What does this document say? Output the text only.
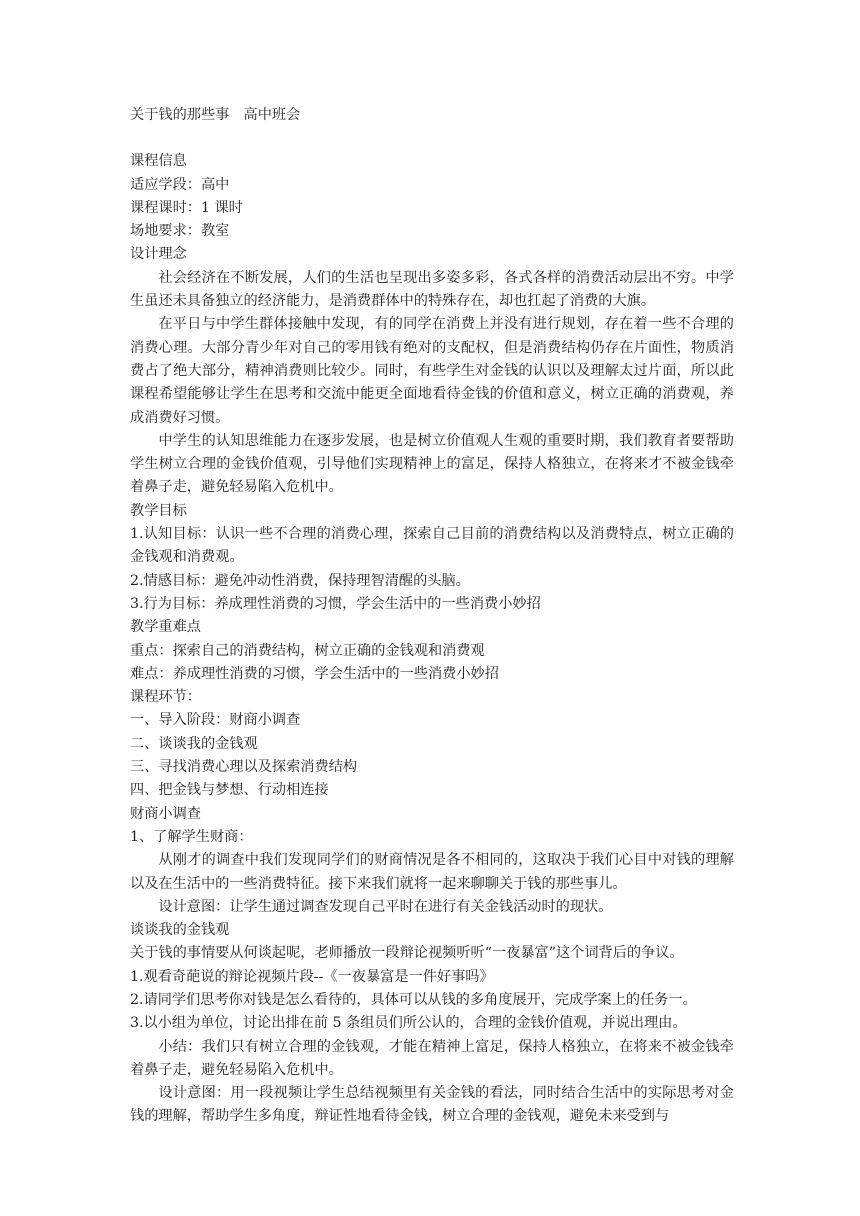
关于钱的那些事　高中班会
课程信息
适应学段：高中
课程课时：1 课时
场地要求：教室
设计理念
社会经济在不断发展，人们的生活也呈现出多姿多彩，各式各样的消费活动层出不穷。中学生虽还未具备独立的经济能力，是消费群体中的特殊存在，却也扛起了消费的大旗。
在平日与中学生群体接触中发现，有的同学在消费上并没有进行规划，存在着一些不合理的消费心理。大部分青少年对自己的零用钱有绝对的支配权，但是消费结构仍存在片面性，物质消费占了绝大部分，精神消费则比较少。同时，有些学生对金钱的认识以及理解太过片面，所以此课程希望能够让学生在思考和交流中能更全面地看待金钱的价值和意义，树立正确的消费观，养成消费好习惯。
中学生的认知思维能力在逐步发展，也是树立价值观人生观的重要时期，我们教育者要帮助学生树立合理的金钱价值观，引导他们实现精神上的富足，保持人格独立，在将来才不被金钱牵着鼻子走，避免轻易陷入危机中。
教学目标
1.认知目标：认识一些不合理的消费心理，探索自己目前的消费结构以及消费特点，树立正确的金钱观和消费观。
2.情感目标：避免冲动性消费，保持理智清醒的头脑。
3.行为目标：养成理性消费的习惯，学会生活中的一些消费小妙招
教学重难点
重点：探索自己的消费结构，树立正确的金钱观和消费观
难点：养成理性消费的习惯，学会生活中的一些消费小妙招
课程环节：
一、导入阶段：财商小调查
二、谈谈我的金钱观
三、寻找消费心理以及探索消费结构
四、把金钱与梦想、行动相连接
财商小调查
1、了解学生财商：
从刚才的调查中我们发现同学们的财商情况是各不相同的，这取决于我们心目中对钱的理解以及在生活中的一些消费特征。接下来我们就将一起来聊聊关于钱的那些事儿。
设计意图：让学生通过调查发现自己平时在进行有关金钱活动时的现状。
谈谈我的金钱观
关于钱的事情要从何谈起呢，老师播放一段辩论视频听听“一夜暴富”这个词背后的争议。
1.观看奇葩说的辩论视频片段--《一夜暴富是一件好事吗》
2.请同学们思考你对钱是怎么看待的，具体可以从钱的多角度展开，完成学案上的任务一。
3.以小组为单位，讨论出排在前 5 条组员们所公认的，合理的金钱价值观，并说出理由。
小结：我们只有树立合理的金钱观，才能在精神上富足，保持人格独立，在将来不被金钱牵着鼻子走，避免轻易陷入危机中。
设计意图：用一段视频让学生总结视频里有关金钱的看法，同时结合生活中的实际思考对金钱的理解，帮助学生多角度，辩证性地看待金钱，树立合理的金钱观，避免未来受到与
